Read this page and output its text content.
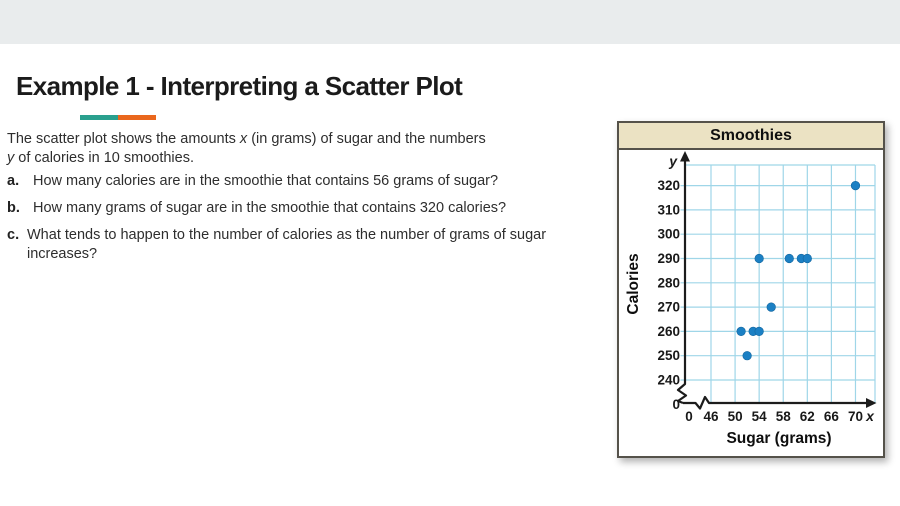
Example 1 - Interpreting a Scatter Plot

The scatter plot shows the amounts x (in grams) of sugar and the numbers
y of calories in 10 smoothies.

a. How many calories are in the smoothie that contains 56 grams of sugar?
b. How many grams of sugar are in the smoothie that contains 320 calories?
c. What tends to happen to the number of calories as the number of grams of sugar increases?
Smoothies
240
250
260
270
280
290
300
310
320
0
46 50 54 58 62 66 70
0
y
x
Sugar (grams)
Calories
